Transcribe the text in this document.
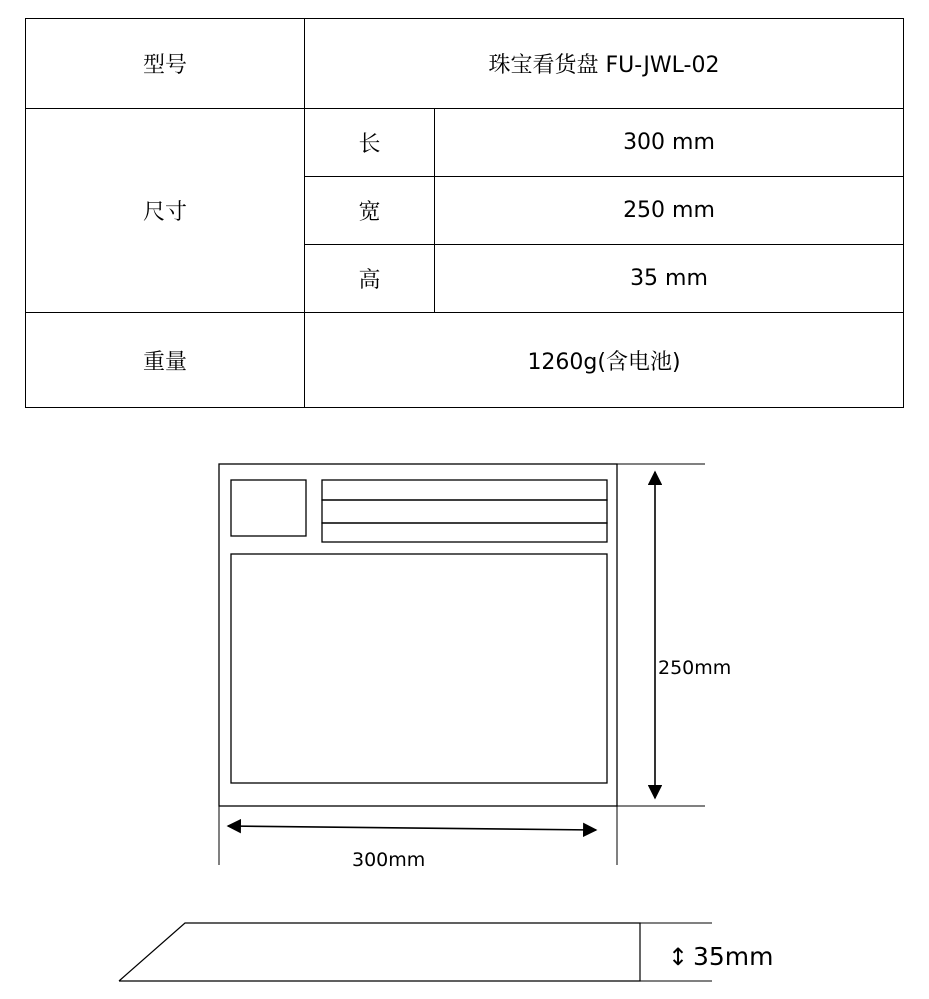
型号	珠宝看货盘 FU-JWL-02	
尺寸	长	300 mm
	宽	250 mm
	高	35 mm
重量	1260g(含电池)	
250mm
300mm
↕ 35mm
